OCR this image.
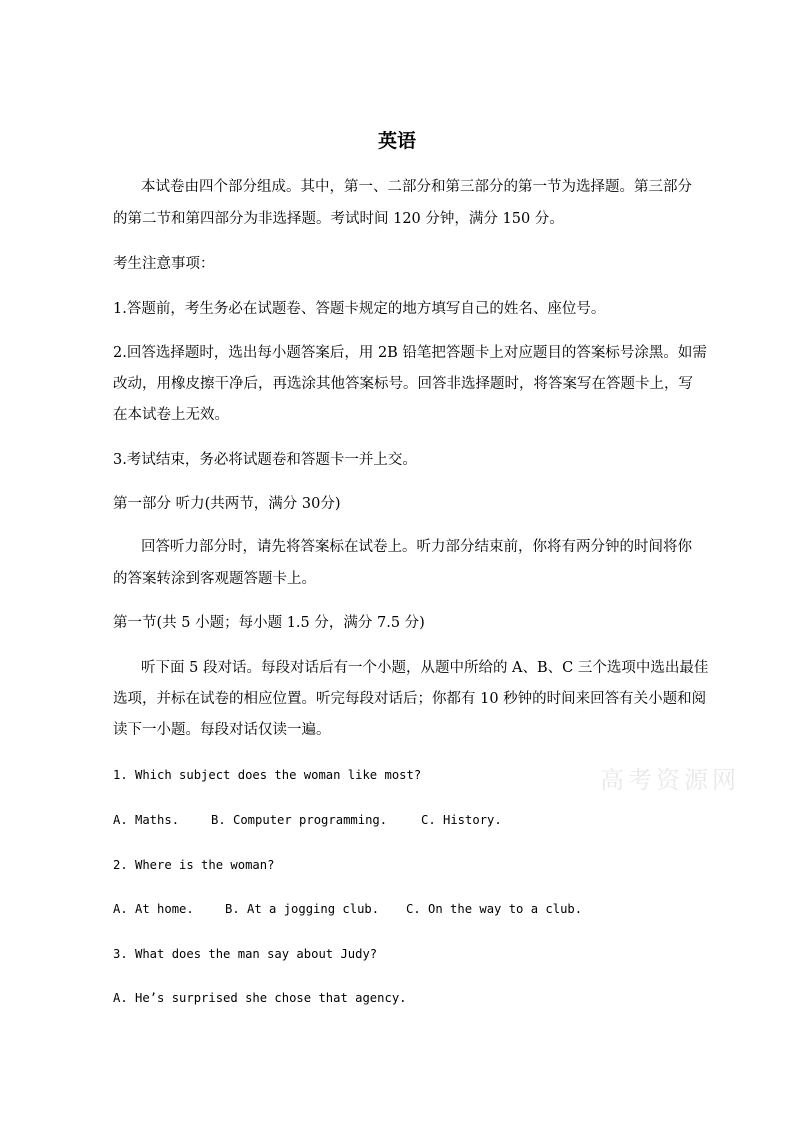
英语
本试卷由四个部分组成。其中，第一、二部分和第三部分的第一节为选择题。第三部分
的第二节和第四部分为非选择题。考试时间 120 分钟，满分 150 分。
考生注意事项：
1.答题前，考生务必在试题卷、答题卡规定的地方填写自己的姓名、座位号。
2.回答选择题时，选出每小题答案后，用 2B 铅笔把答题卡上对应题目的答案标号涂黑。如需
改动，用橡皮擦干净后，再选涂其他答案标号。回答非选择题时，将答案写在答题卡上，写
在本试卷上无效。
3.考试结束，务必将试题卷和答题卡一并上交。
第一部分 听力(共两节，满分 30分)
回答听力部分时，请先将答案标在试卷上。听力部分结束前，你将有两分钟的时间将你
的答案转涂到客观题答题卡上。
第一节(共 5 小题；每小题 1.5 分，满分 7.5 分)
听下面 5 段对话。每段对话后有一个小题，从题中所给的 A、B、C 三个选项中选出最佳
选项，并标在试卷的相应位置。听完每段对话后；你都有 10 秒钟的时间来回答有关小题和阅
读下一小题。每段对话仅读一遍。
高考资源网
1. Which subject does the woman like most?
A. Maths.	B. Computer programming.	C. History.
2. Where is the woman?
A. At home.	B. At a jogging club. C. On the way to a club.
3. What does the man say about Judy?
A. He’s surprised she chose that agency.
